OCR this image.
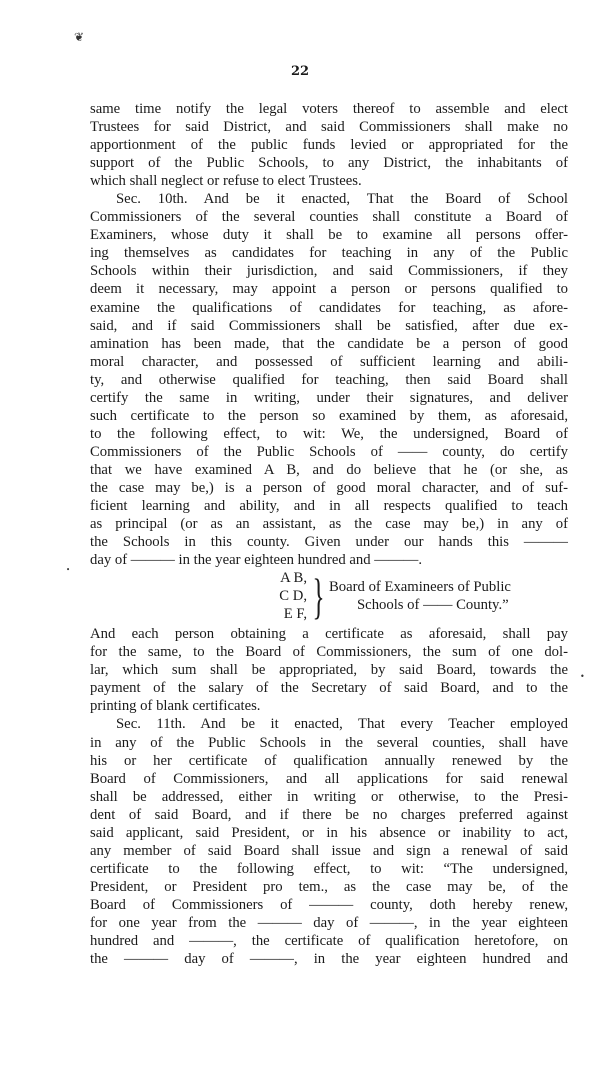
❦
•
•
22
same time notify the legal voters thereof to assemble and elect
Trustees for said District, and said Commissioners shall make no
apportionment of the public funds levied or appropriated for the
support of the Public Schools, to any District, the inhabitants of
which shall neglect or refuse to elect Trustees.
Sec. 10th. And be it enacted, That the Board of School
Commissioners of the several counties shall constitute a Board of
Examiners, whose duty it shall be to examine all persons offer-
ing themselves as candidates for teaching in any of the Public
Schools within their jurisdiction, and said Commissioners, if they
deem it necessary, may appoint a person or persons qualified to
examine the qualifications of candidates for teaching, as afore-
said, and if said Commissioners shall be satisfied, after due ex-
amination has been made, that the candidate be a person of good
moral character, and possessed of sufficient learning and abili-
ty, and otherwise qualified for teaching, then said Board shall
certify the same in writing, under their signatures, and deliver
such certificate to the person so examined by them, as aforesaid,
to the following effect, to wit: We, the undersigned, Board of
Commissioners of the Public Schools of —— county, do certify
that we have examined A B, and do believe that he (or she, as
the case may be,) is a person of good moral character, and of suf-
ficient learning and ability, and in all respects qualified to teach
as principal (or as an assistant, as the case may be,) in any of
the Schools in this county. Given under our hands this ———
day of ——— in the year eighteen hundred and ———.
A B,
C D,
E F, } Board of Examineers of Public
Schools of —— County.”
And each person obtaining a certificate as aforesaid, shall pay
for the same, to the Board of Commissioners, the sum of one dol-
lar, which sum shall be appropriated, by said Board, towards the
payment of the salary of the Secretary of said Board, and to the
printing of blank certificates.
Sec. 11th. And be it enacted, That every Teacher employed
in any of the Public Schools in the several counties, shall have
his or her certificate of qualification annually renewed by the
Board of Commissioners, and all applications for said renewal
shall be addressed, either in writing or otherwise, to the Presi-
dent of said Board, and if there be no charges preferred against
said applicant, said President, or in his absence or inability to act,
any member of said Board shall issue and sign a renewal of said
certificate to the following effect, to wit: “The undersigned,
President, or President pro tem., as the case may be, of the
Board of Commissioners of ——— county, doth hereby renew,
for one year from the ——— day of ———, in the year eighteen
hundred and ———, the certificate of qualification heretofore, on
the ——— day of ———, in the year eighteen hundred and
